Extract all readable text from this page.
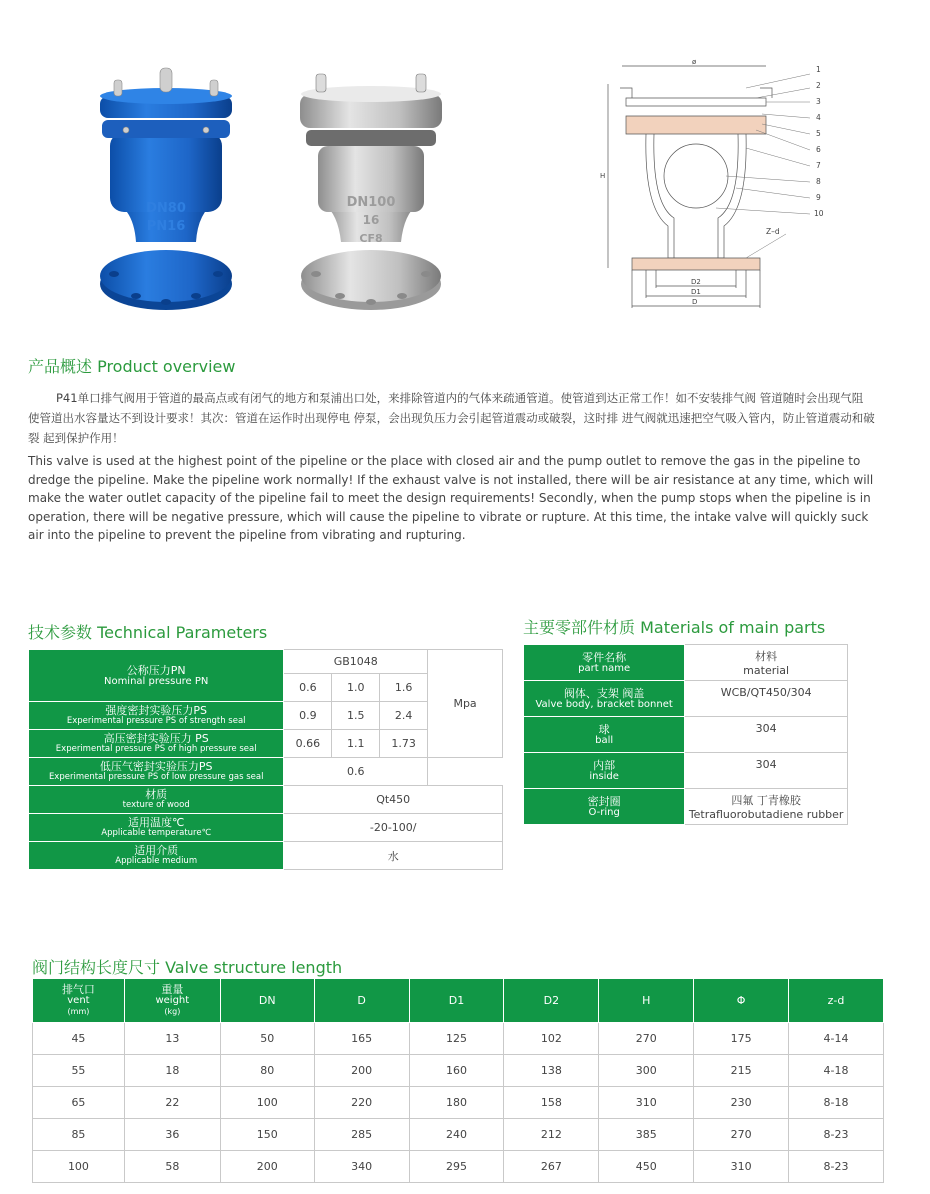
DN80
PN16
DN100
16
CF8
ø
H
D2
D1
D
1
2
3
4
5
6
7
8
9
10
Z–d
产品概述 Product overview
P41单口排气阀用于管道的最高点或有闭气的地方和泵浦出口处，来排除管道内的气体来疏通管道。使管道到达正常工作！如不安装排气阀 管道随时会出现气阻 使管道出水容量达不到设计要求！其次：管道在运作时出现停电 停泵，会出现负压力会引起管道震动或破裂，这时排 进气阀就迅速把空气吸入管内，防止管道震动和破裂 起到保护作用！
This valve is used at the highest point of the pipeline or the place with closed air and the pump outlet to remove the gas in the pipeline to dredge the pipeline. Make the pipeline work normally! If the exhaust valve is not installed, there will be air resistance at any time, which will make the water outlet capacity of the pipeline fail to meet the design requirements! Secondly, when the pump stops when the pipeline is in operation, there will be negative pressure, which will cause the pipeline to vibrate or rupture. At this time, the intake valve will quickly suck air into the pipeline to prevent the pipeline from vibrating and rupturing.
技术参数 Technical Parameters
公称压力PN
Nominal pressure PN	GB1048			Mpa
	0.6	1.0	1.6	

强度密封实验压力PS
Experimental pressure PS of strength seal	0.9	1.5	2.4	

高压密封实验压力 PS
Experimental pressure PS of high pressure seal	0.66	1.1	1.73	

低压气密封实验压力PS
Experimental pressure PS of low pressure gas seal	0.6			

材质
texture of wood	Qt450			

适用温度℃
Applicable temperature℃	-20-100/			

适用介质
Applicable medium	水			
主要零部件材质 Materials of main parts
零件名称
part name	材料
material

阀体、支架 阀盖
Valve body, bracket bonnet	WCB/QT450/304

球
ball	304

内部
inside	304

密封圈
O-ring	四氟 丁青橡胶
Tetrafluorobutadiene rubber
阀门结构长度尺寸 Valve structure length
排气口
vent
(mm)	重量
weight
(kg)	DN	D	D1	D2	H	Φ	z-d
45	13	50	165	125	102	270	175	4-14
55	18	80	200	160	138	300	215	4-18
65	22	100	220	180	158	310	230	8-18
85	36	150	285	240	212	385	270	8-23
100	58	200	340	295	267	450	310	8-23
